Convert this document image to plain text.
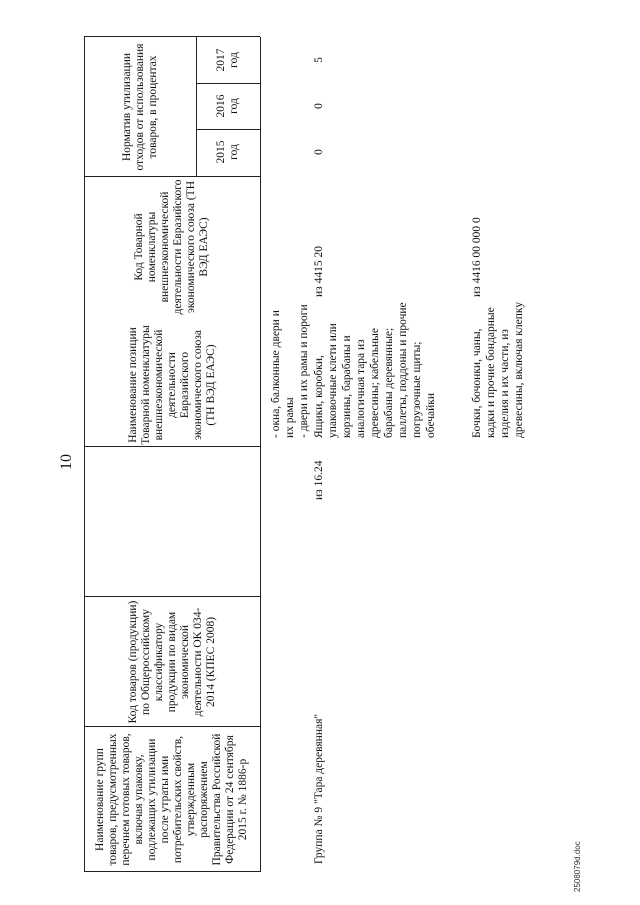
10
Наименование групп товаров, предусмотренных перечнем готовых товаров, включая упаковку, подлежащих утилизации после утраты ими потребительских свойств, утвержденным распоряжением Правительства Российской Федерации от 24 сентября 2015 г. № 1886-р
Код товаров (продукции) по Общероссийскому классификатору продукции по видам экономической деятельности ОК 034-2014 (КПЕС 2008)
Наименование позиции Товарной номенклатуры внешнеэкономической деятельности Евразийского экономического союза (ТН ВЭД ЕАЭС)
Код Товарной номенклатуры внешнеэкономической деятельности Евразийского экономического союза (ТН ВЭД ЕАЭС)
Норматив утилизации отходов от использования товаров, в процентах	2015 год
2016 год
2017 год
- окна, балконные двери и их рамы - двери и их рамы и пороги
Группа № 9 "Тара деревянная"
из 16.24
Ящики, коробки, упаковочные клети или корзины, барабаны и аналогичная тара из древесины; кабельные барабаны деревянные; паллеты, поддоны и прочие погрузочные щиты; обечайки
из 4415 20
0
0
5
Бочки, бочонки, чаны, кадки и прочие бондарные изделия и их части, из древесины, включая клепку
из 4416 00 000 0
2508079d.doc
